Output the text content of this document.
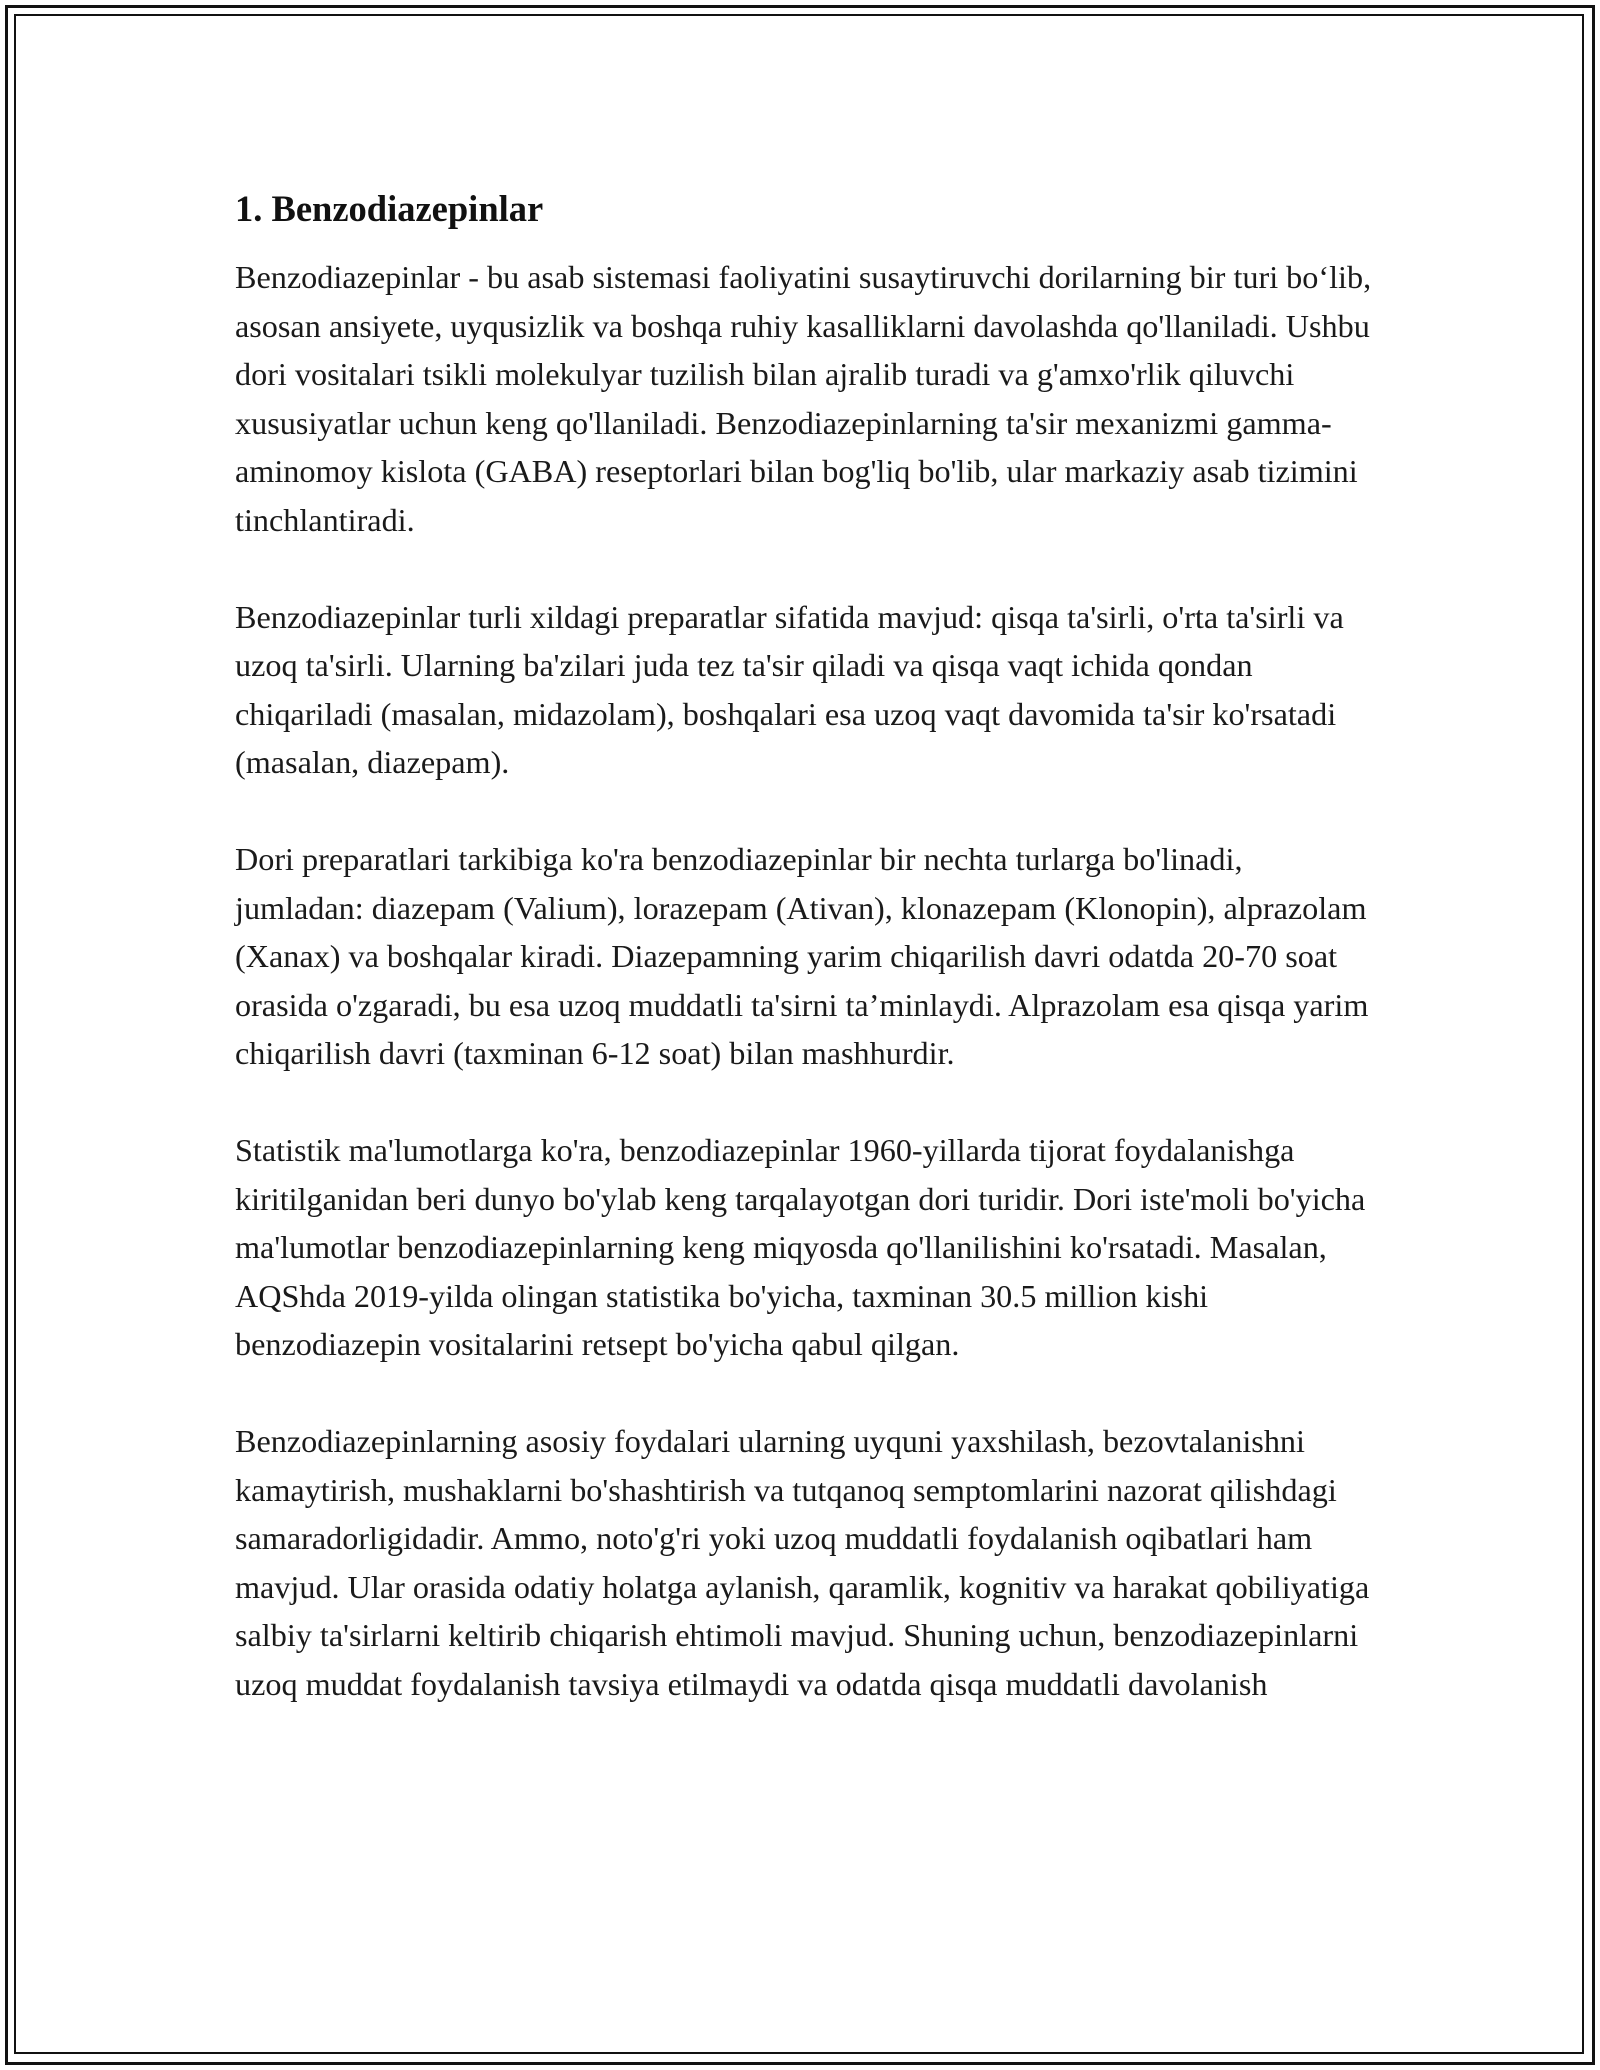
1. Benzodiazepinlar

Benzodiazepinlar - bu asab sistemasi faoliyatini susaytiruvchi dorilarning bir turi bo‘lib, asosan ansiyete, uyqusizlik va boshqa ruhiy kasalliklarni davolashda qo'llaniladi. Ushbu dori vositalari tsikli molekulyar tuzilish bilan ajralib turadi va g'amxo'rlik qiluvchi xususiyatlar uchun keng qo'llaniladi. Benzodiazepinlarning ta'sir mexanizmi gamma-aminomoy kislota (GABA) reseptorlari bilan bog'liq bo'lib, ular markaziy asab tizimini tinchlantiradi.

Benzodiazepinlar turli xildagi preparatlar sifatida mavjud: qisqa ta'sirli, o'rta ta'sirli va uzoq ta'sirli. Ularning ba'zilari juda tez ta'sir qiladi va qisqa vaqt ichida qondan chiqariladi (masalan, midazolam), boshqalari esa uzoq vaqt davomida ta'sir ko'rsatadi (masalan, diazepam).

Dori preparatlari tarkibiga ko'ra benzodiazepinlar bir nechta turlarga bo'linadi, jumladan: diazepam (Valium), lorazepam (Ativan), klonazepam (Klonopin), alprazolam (Xanax) va boshqalar kiradi. Diazepamning yarim chiqarilish davri odatda 20-70 soat orasida o'zgaradi, bu esa uzoq muddatli ta'sirni ta’minlaydi. Alprazolam esa qisqa yarim chiqarilish davri (taxminan 6-12 soat) bilan mashhurdir.

Statistik ma'lumotlarga ko'ra, benzodiazepinlar 1960-yillarda tijorat foydalanishga kiritilganidan beri dunyo bo'ylab keng tarqalayotgan dori turidir. Dori iste'moli bo'yicha ma'lumotlar benzodiazepinlarning keng miqyosda qo'llanilishini ko'rsatadi. Masalan, AQShda 2019-yilda olingan statistika bo'yicha, taxminan 30.5 million kishi benzodiazepin vositalarini retsept bo'yicha qabul qilgan.

Benzodiazepinlarning asosiy foydalari ularning uyquni yaxshilash, bezovtalanishni kamaytirish, mushaklarni bo'shashtirish va tutqanoq semptomlarini nazorat qilishdagi samaradorligidadir. Ammo, noto'g'ri yoki uzoq muddatli foydalanish oqibatlari ham mavjud. Ular orasida odatiy holatga aylanish, qaramlik, kognitiv va harakat qobiliyatiga salbiy ta'sirlarni keltirib chiqarish ehtimoli mavjud. Shuning uchun, benzodiazepinlarni uzoq muddat foydalanish tavsiya etilmaydi va odatda qisqa muddatli davolanish
